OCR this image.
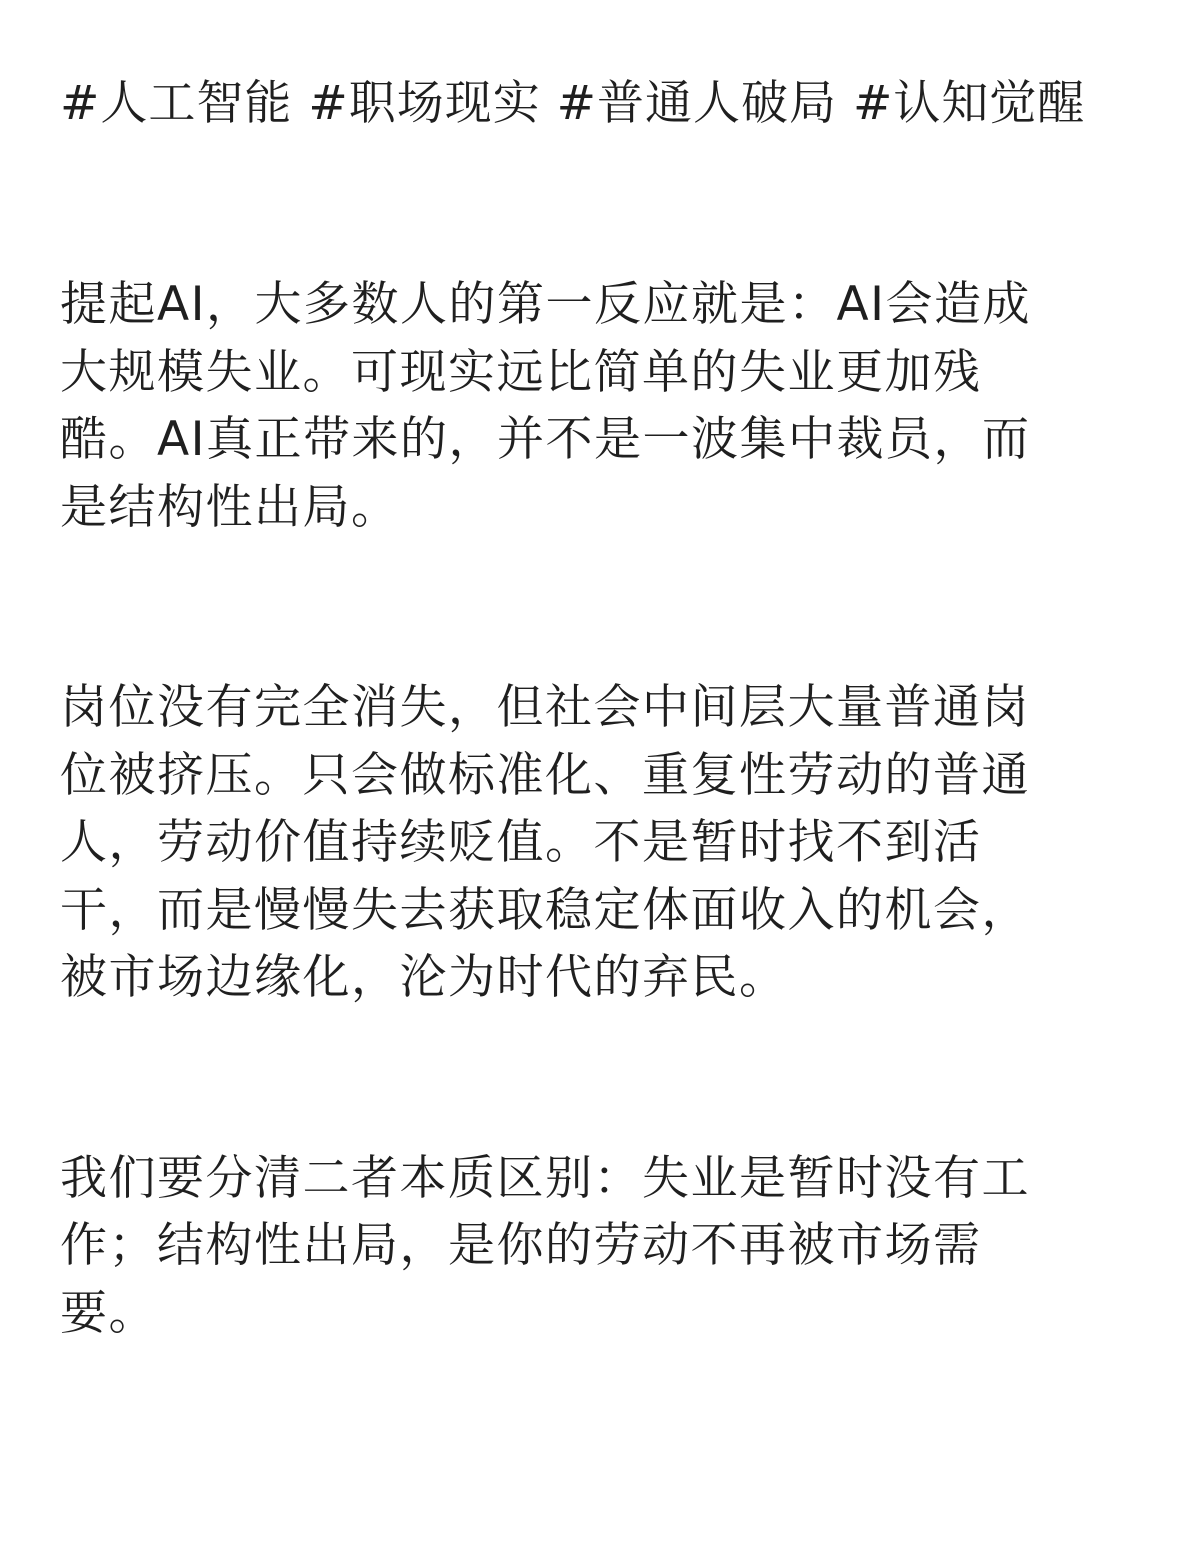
#人工智能 #职场现实 #普通人破局 #认知觉醒

提起AI，大多数人的第一反应就是：AI会造成
大规模失业。可现实远比简单的失业更加残
酷。AI真正带来的，并不是一波集中裁员，而
是结构性出局。

岗位没有完全消失，但社会中间层大量普通岗
位被挤压。只会做标准化、重复性劳动的普通
人，劳动价值持续贬值。不是暂时找不到活
干，而是慢慢失去获取稳定体面收入的机会，
被市场边缘化，沦为时代的弃民。

我们要分清二者本质区别：失业是暂时没有工
作；结构性出局，是你的劳动不再被市场需
要。
